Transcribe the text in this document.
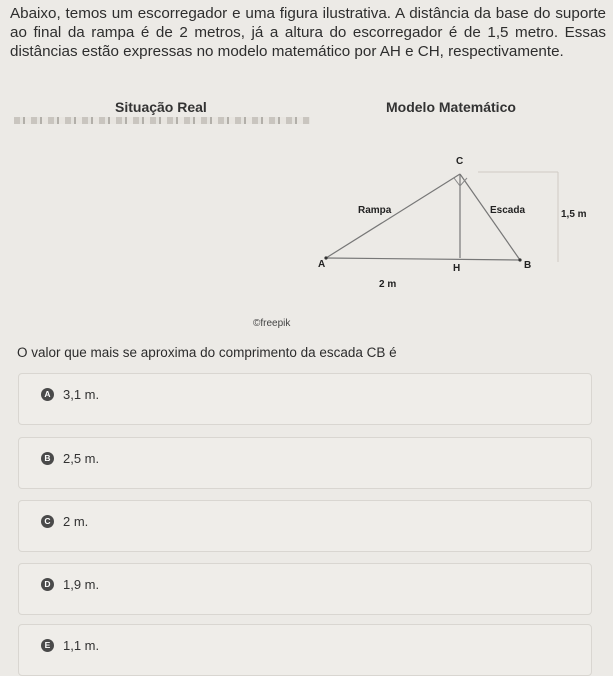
Abaixo, temos um escorregador e uma figura ilustrativa. A distância da base do suporte ao final da rampa é de 2 metros, já a altura do escorregador é de 1,5 metro. Essas distâncias estão expressas no modelo matemático por AH e CH, respectivamente.

Situação Real	Modelo Matemático
C
A	H	B
Rampa	Escada	1,5 m
2 m
©freepik

O valor que mais se aproxima do comprimento da escada CB é

A 3,1 m.
B 2,5 m.
C 2 m.
D 1,9 m.
E 1,1 m.
